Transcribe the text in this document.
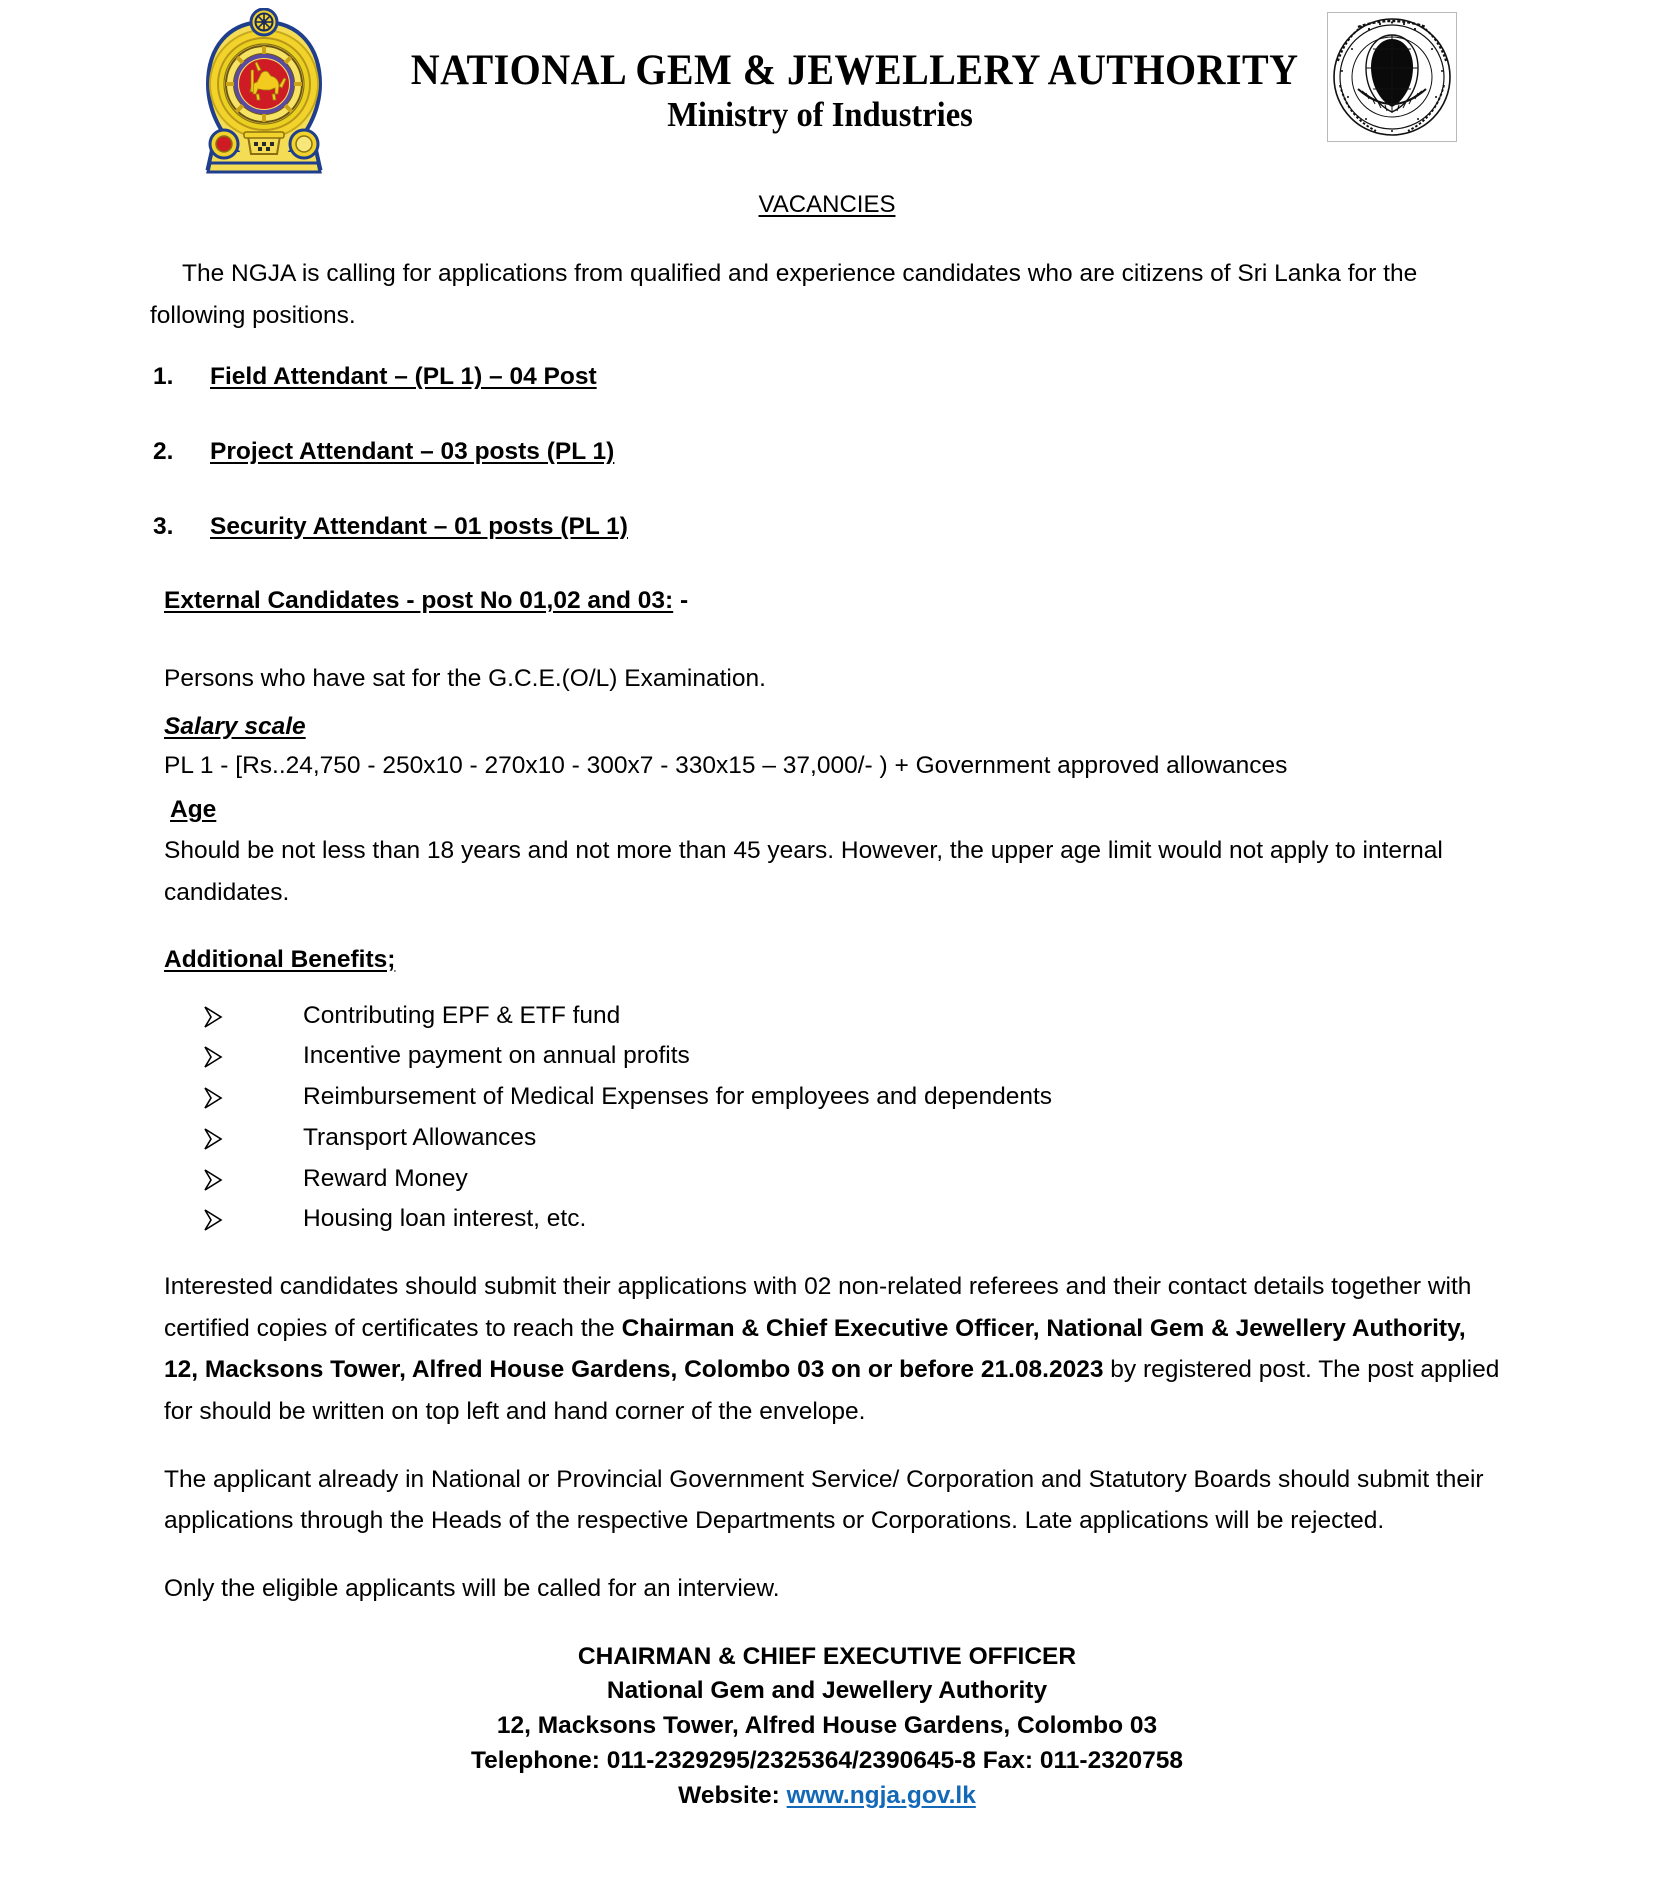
NATIONAL GEM & JEWELLERY AUTHORITY
Ministry of Industries
VACANCIES

The NGJA is calling for applications from qualified and experience candidates who are citizens of Sri Lanka for the following positions.

1. Field Attendant – (PL 1) – 04 Post
2. Project Attendant – 03 posts (PL 1)
3. Security Attendant – 01 posts (PL 1)
External Candidates - post No 01,02 and 03: -

Persons who have sat for the G.C.E.(O/L) Examination.

Salary scale
PL 1 - [Rs..24,750 - 250x10 - 270x10 - 300x7 - 330x15 – 37,000/- ) + Government approved allowances
Age

Should be not less than 18 years and not more than 45 years. However, the upper age limit would not apply to internal candidates.

Additional Benefits;
Contributing EPF & ETF fund
Incentive payment on annual profits
Reimbursement of Medical Expenses for employees and dependents
Transport Allowances
Reward Money
Housing loan interest, etc.

Interested candidates should submit their applications with 02 non-related referees and their contact details together with certified copies of certificates to reach the Chairman & Chief Executive Officer, National Gem & Jewellery Authority, 12, Macksons Tower, Alfred House Gardens, Colombo 03 on or before 21.08.2023 by registered post. The post applied for should be written on top left and hand corner of the envelope.

The applicant already in National or Provincial Government Service/ Corporation and Statutory Boards should submit their applications through the Heads of the respective Departments or Corporations. Late applications will be rejected.

Only the eligible applicants will be called for an interview.

CHAIRMAN & CHIEF EXECUTIVE OFFICER
National Gem and Jewellery Authority
12, Macksons Tower, Alfred House Gardens, Colombo 03
Telephone: 011-2329295/2325364/2390645-8 Fax: 011-2320758
Website: www.ngja.gov.lk
